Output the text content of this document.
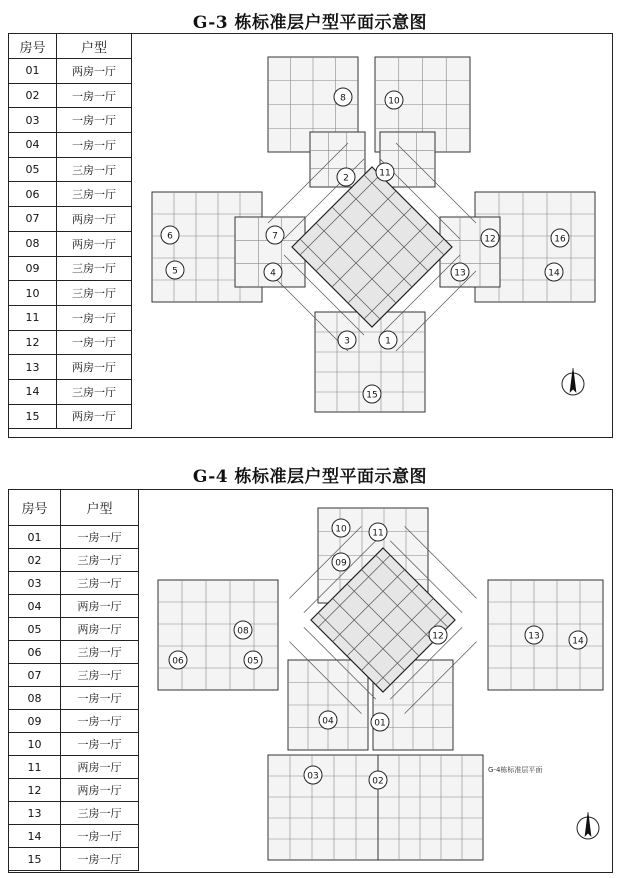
G-3 栋标准层户型平面示意图
房号	户型
01	两房一厅
02	一房一厅
03	一房一厅
04	一房一厅
05	三房一厅
06	三房一厅
07	两房一厅
08	两房一厅
09	三房一厅
10	三房一厅
11	一房一厅
12	一房一厅
13	两房一厅
14	三房一厅
15	两房一厅
8	10
11
2
6	7	12	16
5	4	13	14
3	1
15
G-4 栋标准层户型平面示意图
房号	户型
01	一房一厅
02	三房一厅
03	三房一厅
04	两房一厅
05	两房一厅
06	三房一厅
07	三房一厅
08	一房一厅
09	一房一厅
10	一房一厅
11	两房一厅
12	两房一厅
13	三房一厅
14	一房一厅
15	一房一厅
10	11
09
12	13
08
14
06	05
04	01
03	02
G-4栋标准层平面
